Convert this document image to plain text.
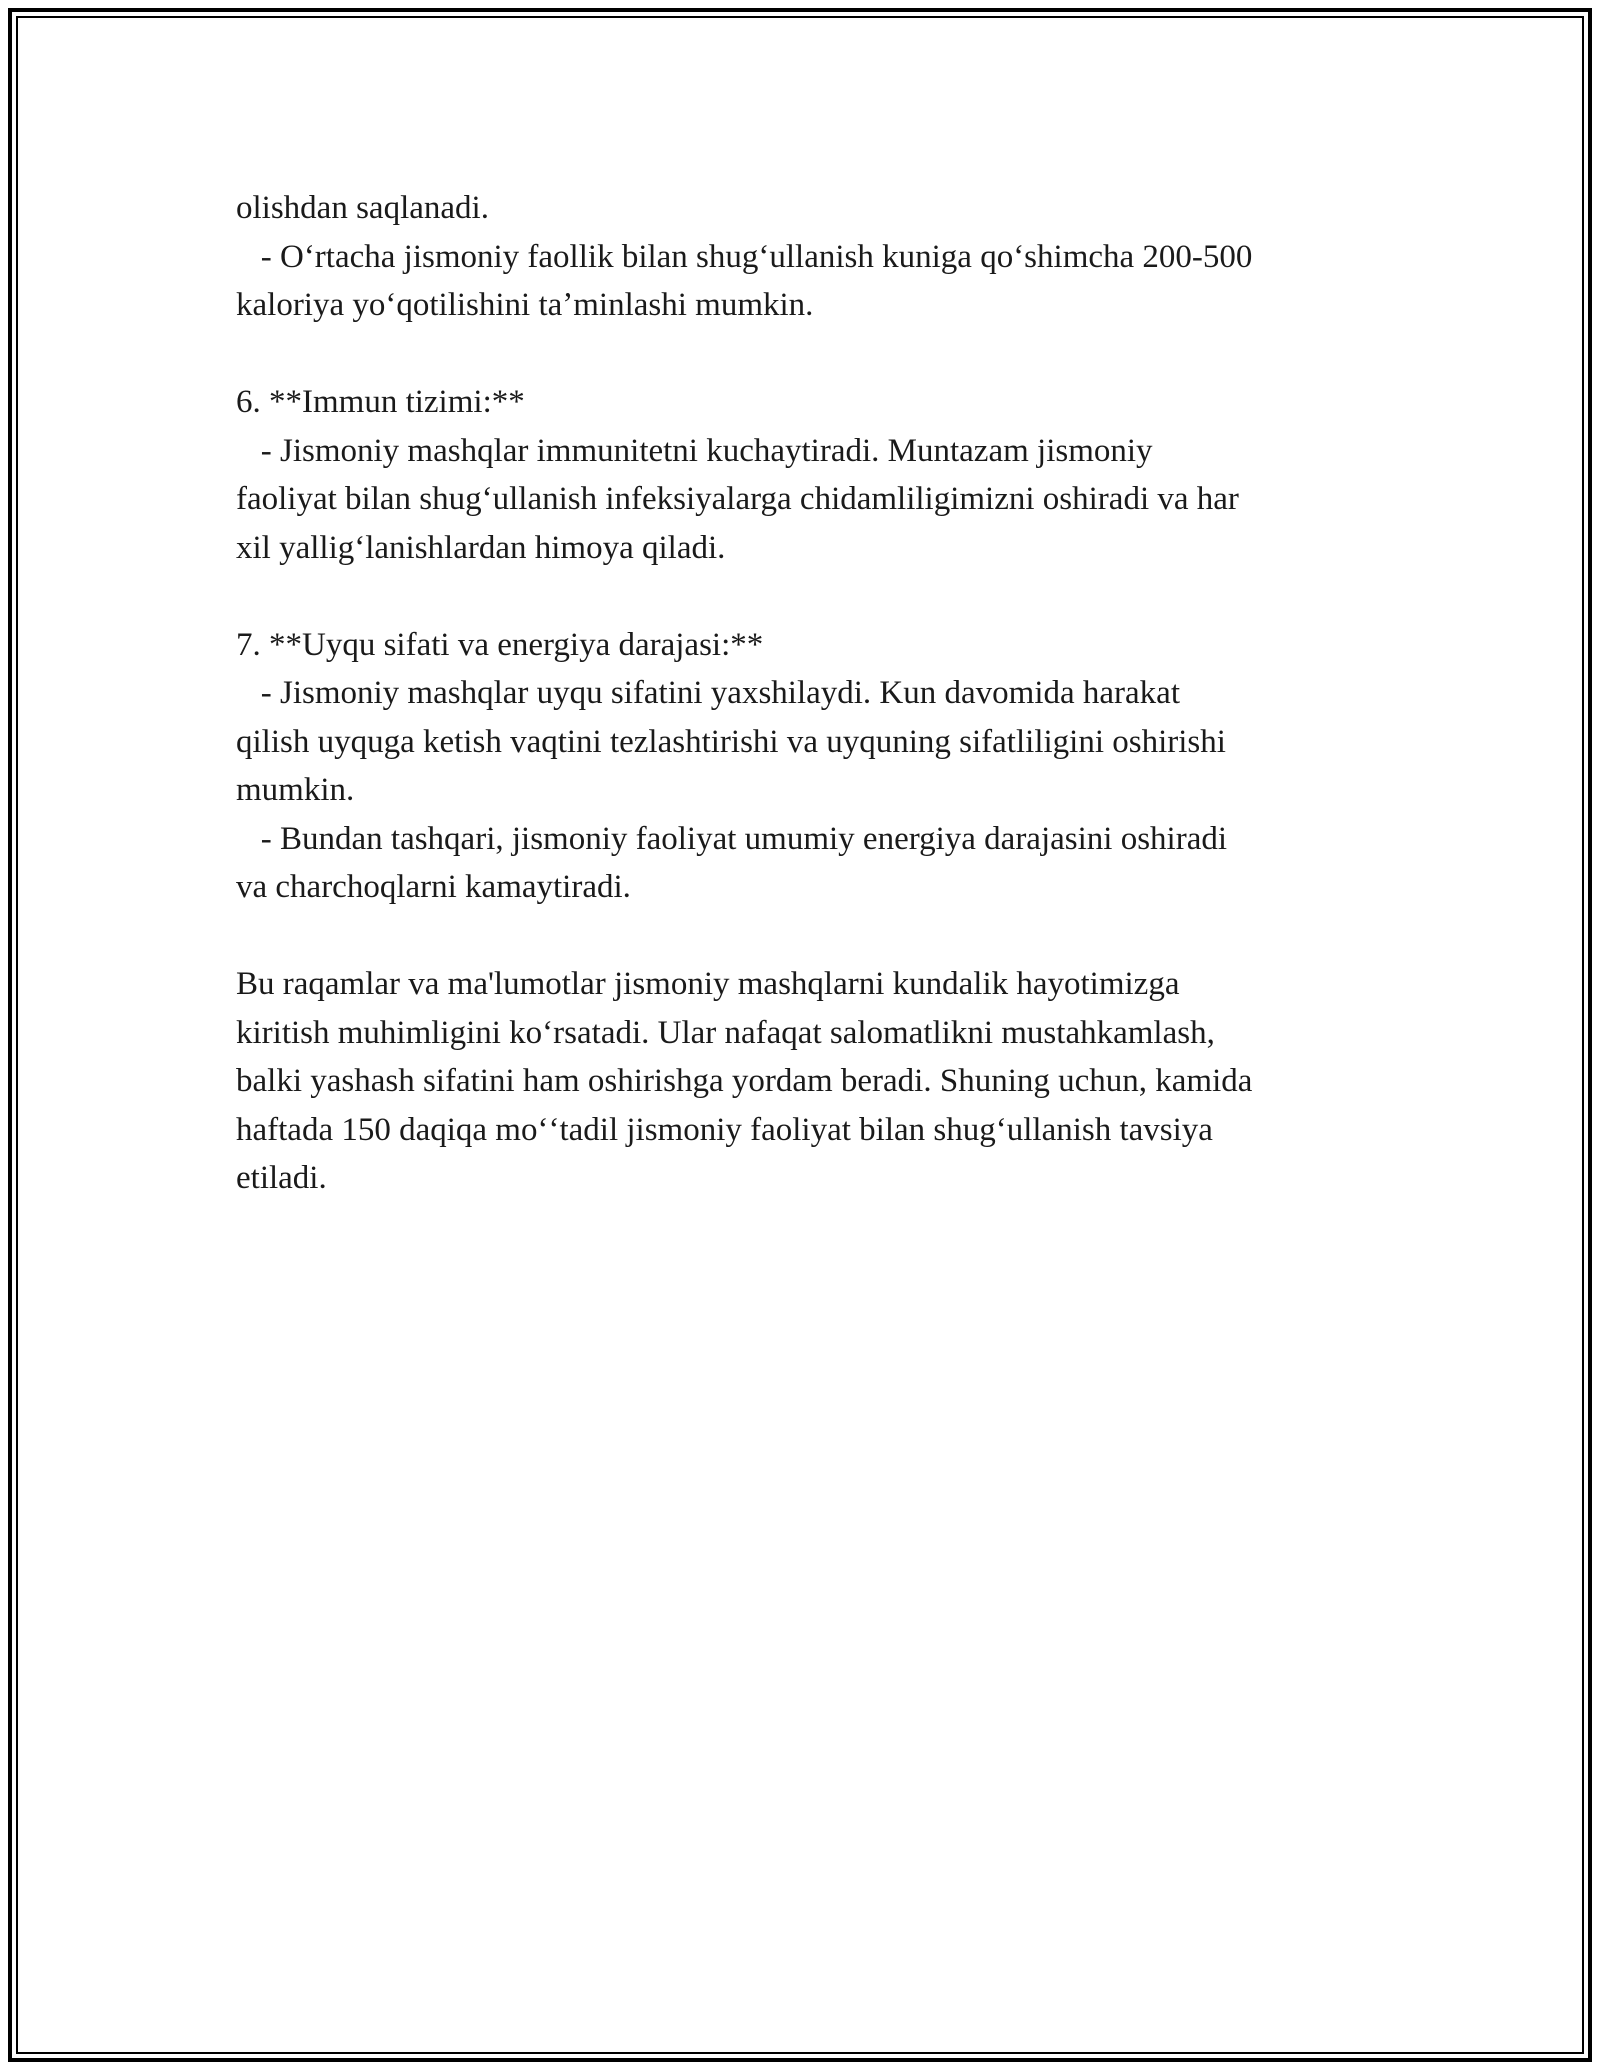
olishdan saqlanadi.
- Oʻrtacha jismoniy faollik bilan shugʻullanish kuniga qoʻshimcha 200-500
kaloriya yoʻqotilishini taʼminlashi mumkin.
6. **Immun tizimi:**
- Jismoniy mashqlar immunitetni kuchaytiradi. Muntazam jismoniy
faoliyat bilan shugʻullanish infeksiyalarga chidamliligimizni oshiradi va har
xil yalligʻlanishlardan himoya qiladi.
7. **Uyqu sifati va energiya darajasi:**
- Jismoniy mashqlar uyqu sifatini yaxshilaydi. Kun davomida harakat
qilish uyquga ketish vaqtini tezlashtirishi va uyquning sifatliligini oshirishi
mumkin.
- Bundan tashqari, jismoniy faoliyat umumiy energiya darajasini oshiradi
va charchoqlarni kamaytiradi.
Bu raqamlar va ma'lumotlar jismoniy mashqlarni kundalik hayotimizga
kiritish muhimligini koʻrsatadi. Ular nafaqat salomatlikni mustahkamlash,
balki yashash sifatini ham oshirishga yordam beradi. Shuning uchun, kamida
haftada 150 daqiqa moʻʻtadil jismoniy faoliyat bilan shugʻullanish tavsiya
etiladi.
